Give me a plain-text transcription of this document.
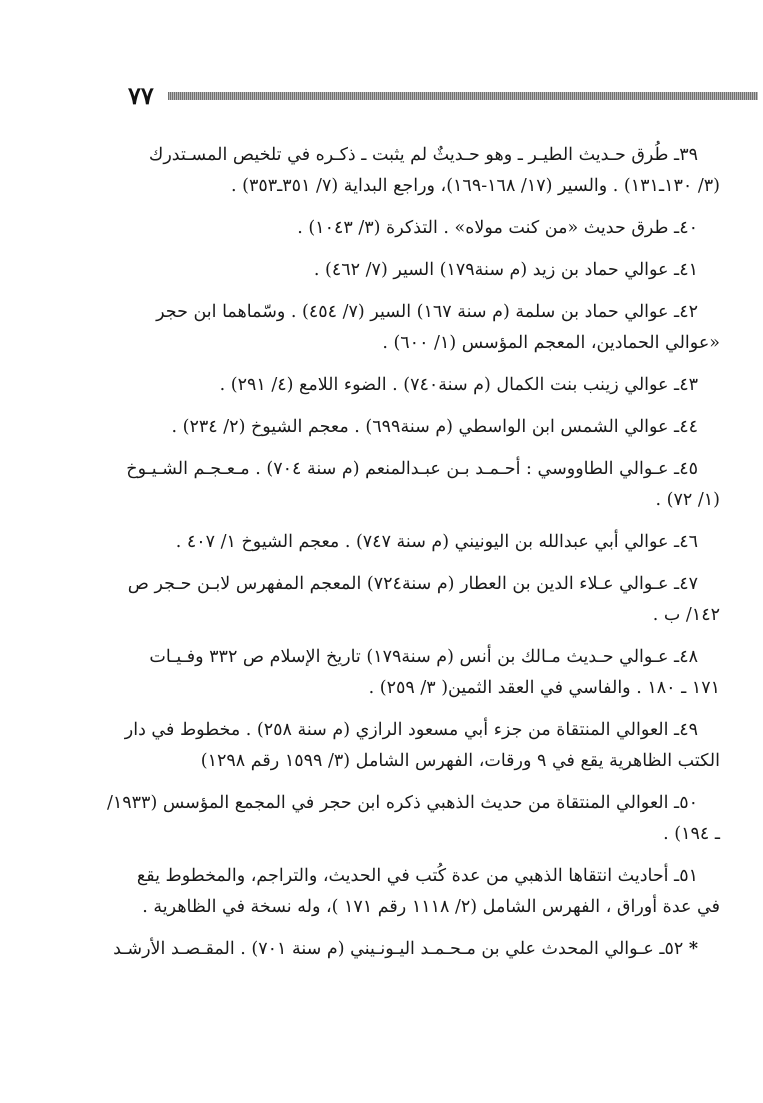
٧٧

٣٩ـ طُرق حـديث الطيـر ـ وهو حـديثٌ لم يثبت ـ ذكـره في تلخيص المسـتدرك
(٣/ ١٣٠ـ١٣١) . والسير (١٧/ ١٦٨-١٦٩)، وراجع البداية (٧/ ٣٥١ـ٣٥٣) .

٤٠ـ طرق حديث «من كنت مولاه» . التذكرة (٣/ ١٠٤٣) .

٤١ـ عوالي حماد بن زيد (م سنة١٧٩) السير (٧/ ٤٦٢) .

٤٢ـ عوالي حماد بن سلمة (م سنة ١٦٧) السير (٧/ ٤٥٤) . وسّماهما ابن حجر
«عوالي الحمادين، المعجم المؤسس (١/ ٦٠٠) .

٤٣ـ عوالي زينب بنت الكمال (م سنة٧٤٠) . الضوء اللامع (٤/ ٢٩١) .

٤٤ـ عوالي الشمس ابن الواسطي (م سنة٦٩٩) . معجم الشيوخ (٢/ ٢٣٤) .

٤٥ـ عـوالي الطاووسي : أحـمـد بـن عبـدالمنعم (م سنة ٧٠٤) . مـعـجـم الشـيـوخ
(١/ ٧٢) .

٤٦ـ عوالي أبي عبدالله بن اليونيني (م سنة ٧٤٧) . معجم الشيوخ ١/ ٤٠٧ .

٤٧ـ عـوالي عـلاء الدين بن العطار (م سنة٧٢٤) المعجم المفهرس لابـن حـجر ص
١٤٢/ ب .

٤٨ـ عـوالي حـديث مـالك بن أنس (م سنة١٧٩) تاريخ الإسلام ص ٣٣٢ وفـيـات
١٧١ ـ ١٨٠ . والفاسي في العقد الثمين( ٣/ ٢٥٩) .

٤٩ـ العوالي المنتقاة من جزء أبي مسعود الرازي (م سنة ٢٥٨) . مخطوط في دار
الكتب الظاهرية يقع في ٩ ورقات، الفهرس الشامل (٣/ ١٥٩٩ رقم ١٢٩٨)

٥٠ـ العوالي المنتقاة من حديث الذهبي ذكره ابن حجر في المجمع المؤسس (١٩٣٣/
ـ ١٩٤) .

٥١ـ أحاديث انتقاها الذهبي من عدة كُتب في الحديث، والتراجم، والمخطوط يقع
في عدة أوراق ، الفهرس الشامل (٢/ ١١١٨ رقم ١٧١ )، وله نسخة في الظاهرية .

* ٥٢ـ عـوالي المحدث علي بن مـحـمـد اليـونـيني (م سنة ٧٠١) . المقـصـد الأرشـد
